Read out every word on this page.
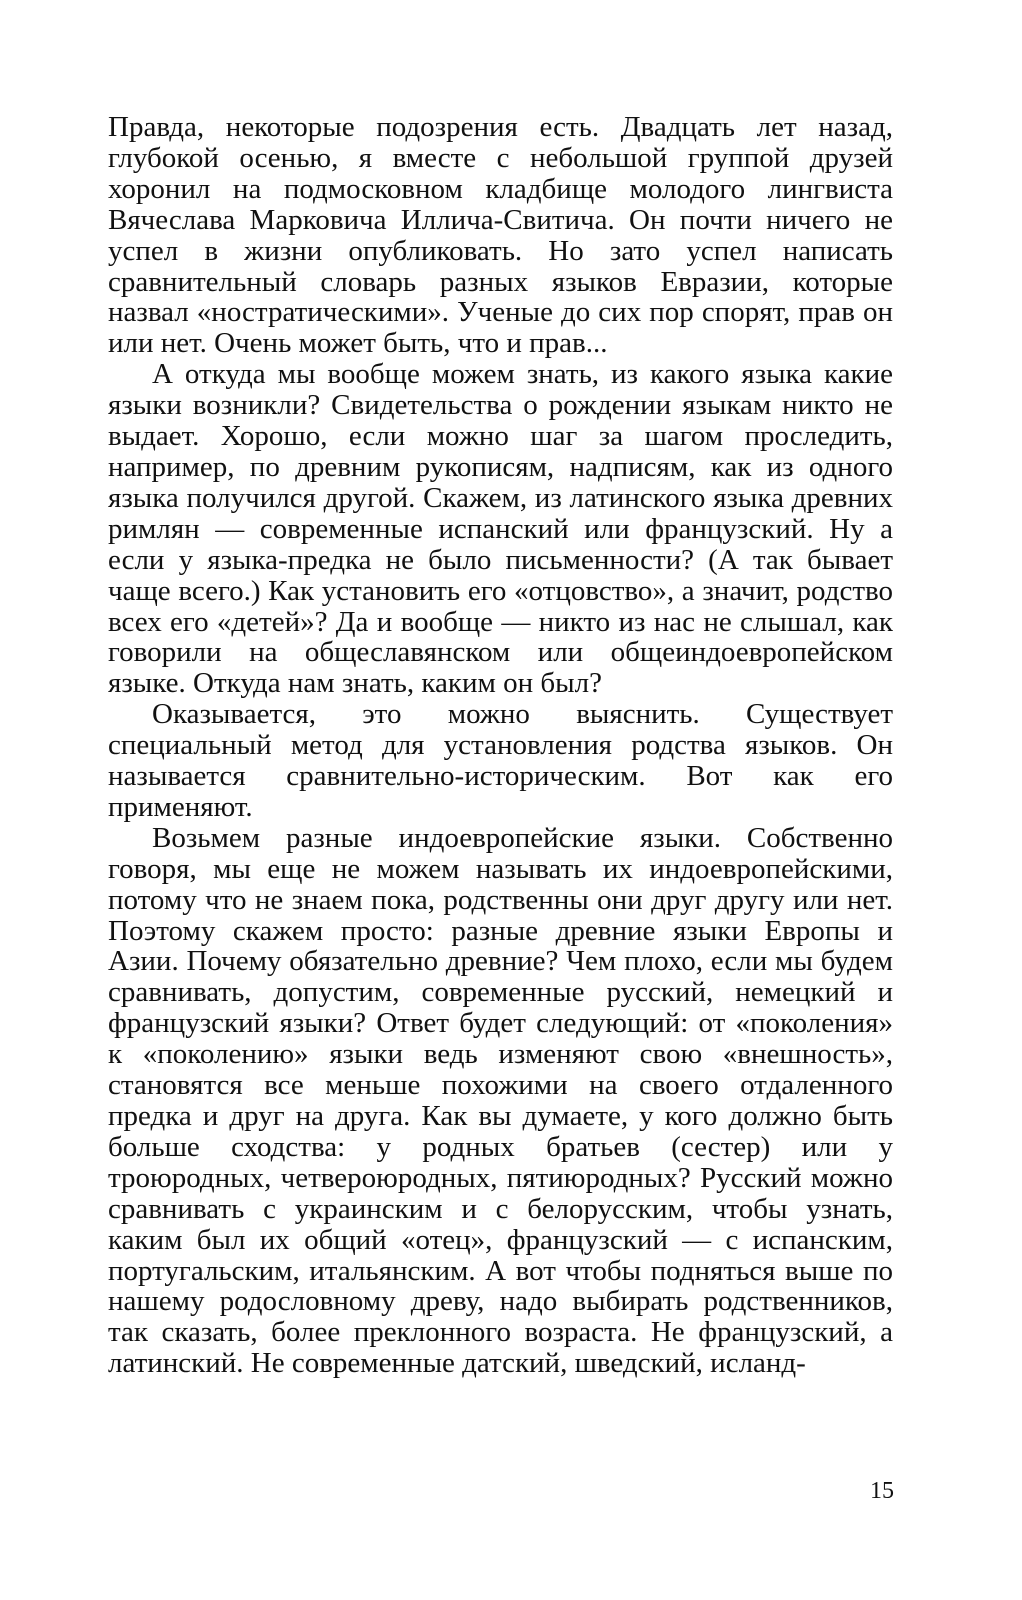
Правда, некоторые подозрения есть. Двадцать лет назад, глубокой осенью, я вместе с небольшой группой друзей хоронил на подмосковном кладбище молодого лингвиста Вячеслава Марковича Иллича-Свитича. Он почти ничего не успел в жизни опубликовать. Но зато успел написать сравнительный словарь разных языков Евразии, которые назвал «ностратическими». Ученые до сих пор спорят, прав он или нет. Очень может быть, что и прав...

А откуда мы вообще можем знать, из какого языка какие языки возникли? Свидетельства о рождении языкам никто не выдает. Хорошо, если можно шаг за шагом проследить, например, по древним рукописям, надписям, как из одного языка получился другой. Скажем, из латинского языка древних римлян — современные испанский или французский. Ну а если у языка-предка не было письменности? (А так бывает чаще всего.) Как установить его «отцовство», а значит, родство всех его «детей»? Да и вообще — никто из нас не слышал, как говорили на общеславянском или общеиндоевропейском языке. Откуда нам знать, каким он был?

Оказывается, это можно выяснить. Существует специальный метод для установления родства языков. Он называется сравнительно-историческим. Вот как его применяют.

Возьмем разные индоевропейские языки. Собственно говоря, мы еще не можем называть их индоевропейскими, потому что не знаем пока, родственны они друг другу или нет. Поэтому скажем просто: разные древние языки Европы и Азии. Почему обязательно древние? Чем плохо, если мы будем сравнивать, допустим, современные русский, немецкий и французский языки? Ответ будет следующий: от «поколения» к «поколению» языки ведь изменяют свою «внешность», становятся все меньше похожими на своего отдаленного предка и друг на друга. Как вы думаете, у кого должно быть больше сходства: у родных братьев (сестер) или у троюродных, четвероюродных, пятиюродных? Русский можно сравнивать с украинским и с белорусским, чтобы узнать, каким был их общий «отец», французский — с испанским, португальским, итальянским. А вот чтобы подняться выше по нашему родословному древу, надо выбирать родственников, так сказать, более преклонного возраста. Не французский, а латинский. Не современные датский, шведский, исланд-

15
